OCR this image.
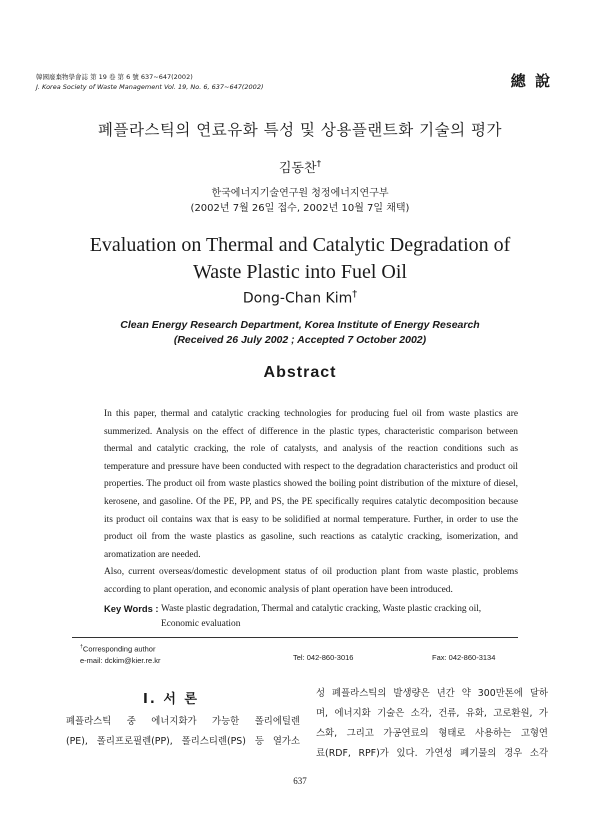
韓國廢棄物學會誌 第 19 卷 第 6 號 637~647(2002)
J. Korea Society of Waste Management Vol. 19, No. 6, 637~647(2002)	總 說
폐플라스틱의 연료유화 특성 및 상용플랜트화 기술의 평가
김동찬†
한국에너지기술연구원 청정에너지연구부
(2002년 7월 26일 접수, 2002년 10월 7일 채택)
Evaluation on Thermal and Catalytic Degradation of
Waste Plastic into Fuel Oil
Dong-Chan Kim†
Clean Energy Research Department, Korea Institute of Energy Research
(Received 26 July 2002 ; Accepted 7 October 2002)
Abstract

In this paper, thermal and catalytic cracking technologies for producing fuel oil from waste plastics are summerized. Analysis on the effect of difference in the plastic types, characteristic comparison between thermal and catalytic cracking, the role of catalysts, and analysis of the reaction conditions such as temperature and pressure have been conducted with respect to the degradation characteristics and product oil properties. The product oil from waste plastics showed the boiling point distribution of the mixture of diesel, kerosene, and gasoline. Of the PE, PP, and PS, the PE specifically requires catalytic decomposition because its product oil contains wax that is easy to be solidified at normal temperature. Further, in order to use the product oil from the waste plastics as gasoline, such reactions as catalytic cracking, isomerization, and aromatization are needed.

Also, current overseas/domestic development status of oil production plant from waste plastic, problems according to plant operation, and economic analysis of plant operation have been introduced.

Key Words : Waste plastic degradation, Thermal and catalytic cracking, Waste plastic cracking oil, Economic evaluation
†Corresponding author
e-mail: dckim@kier.re.kr	Tel: 042-860-3016	Fax: 042-860-3134
Ⅰ. 서 론
폐플라스틱 중 에너지화가 가능한 폴리에틸렌
(PE), 폴리프로필렌(PP), 폴리스티렌(PS) 등 열가소
성 폐플라스틱의 발생량은 년간 약 300만톤에 달하
며, 에너지화 기술은 소각, 건류, 유화, 고로환원, 가
스화, 그리고 가공연료의 형태로 사용하는 고형연
료(RDF, RPF)가 있다. 가연성 폐기물의 경우 소각
637
